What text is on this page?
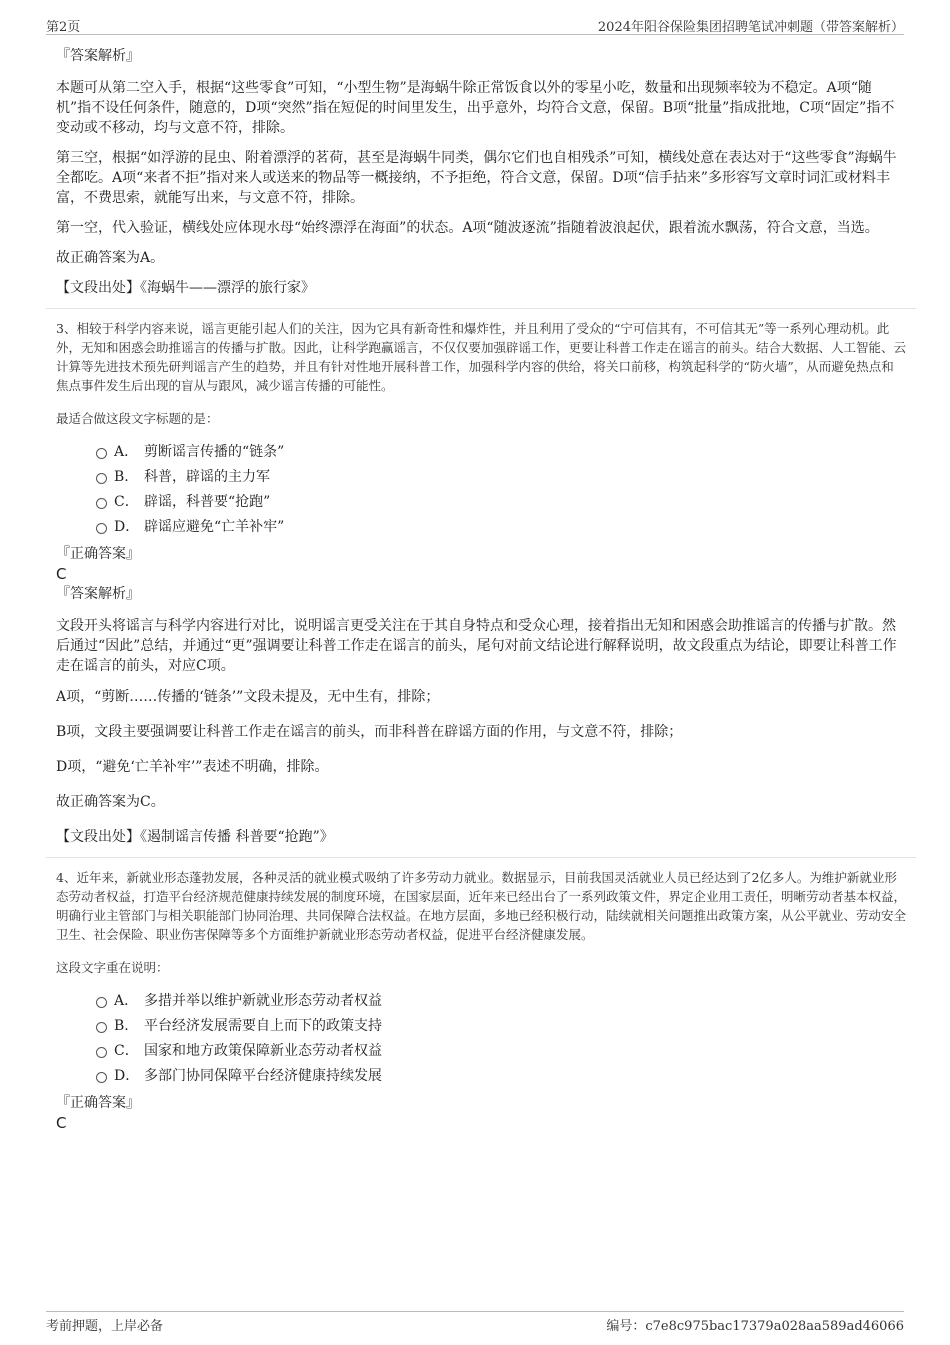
第2页	2024年阳谷保险集团招聘笔试冲刺题（带答案解析）

『答案解析』

本题可从第二空入手，根据“这些零食”可知，“小型生物”是海蜗牛除正常饭食以外的零星小吃，数量和出现频率较为不稳定。A项“随机”指不设任何条件，随意的，D项“突然”指在短促的时间里发生，出乎意外，均符合文意，保留。B项“批量”指成批地，C项“固定”指不变动或不移动，均与文意不符，排除。

第三空，根据“如浮游的昆虫、附着漂浮的茗荷，甚至是海蜗牛同类，偶尔它们也自相残杀”可知，横线处意在表达对于“这些零食”海蜗牛全都吃。A项“来者不拒”指对来人或送来的物品等一概接纳，不予拒绝，符合文意，保留。D项“信手拈来”多形容写文章时词汇或材料丰富，不费思索，就能写出来，与文意不符，排除。

第一空，代入验证，横线处应体现水母“始终漂浮在海面”的状态。A项“随波逐流”指随着波浪起伏，跟着流水飘荡，符合文意，当选。

故正确答案为A。

【文段出处】《海蜗牛——漂浮的旅行家》

3、相较于科学内容来说，谣言更能引起人们的关注，因为它具有新奇性和爆炸性，并且利用了受众的“宁可信其有，不可信其无”等一系列心理动机。此外，无知和困惑会助推谣言的传播与扩散。因此，让科学跑赢谣言，不仅仅要加强辟谣工作，更要让科普工作走在谣言的前头。结合大数据、人工智能、云计算等先进技术预先研判谣言产生的趋势，并且有针对性地开展科普工作，加强科学内容的供给，将关口前移，构筑起科学的“防火墙”，从而避免热点和焦点事件发生后出现的盲从与跟风，减少谣言传播的可能性。

最适合做这段文字标题的是：

A． 剪断谣言传播的“链条”
B. 科普，辟谣的主力军
C． 辟谣，科普要“抢跑”
D． 辟谣应避免“亡羊补牢”

『正确答案』

C

『答案解析』

文段开头将谣言与科学内容进行对比，说明谣言更受关注在于其自身特点和受众心理，接着指出无知和困惑会助推谣言的传播与扩散。然后通过“因此”总结，并通过“更”强调要让科普工作走在谣言的前头，尾句对前文结论进行解释说明，故文段重点为结论，即要让科普工作走在谣言的前头，对应C项。

A项，“剪断……传播的‘链条’”文段未提及，无中生有，排除；

B项，文段主要强调要让科普工作走在谣言的前头，而非科普在辟谣方面的作用，与文意不符，排除；

D项，“避免‘亡羊补牢’”表述不明确，排除。

故正确答案为C。

【文段出处】《遏制谣言传播 科普要“抢跑”》

4、近年来，新就业形态蓬勃发展，各种灵活的就业模式吸纳了许多劳动力就业。数据显示，目前我国灵活就业人员已经达到了2亿多人。为维护新就业形态劳动者权益，打造平台经济规范健康持续发展的制度环境，在国家层面，近年来已经出台了一系列政策文件，界定企业用工责任，明晰劳动者基本权益，明确行业主管部门与相关职能部门协同治理、共同保障合法权益。在地方层面，多地已经积极行动，陆续就相关问题推出政策方案，从公平就业、劳动安全卫生、社会保险、职业伤害保障等多个方面维护新就业形态劳动者权益，促进平台经济健康发展。

这段文字重在说明：

A． 多措并举以维护新就业形态劳动者权益
B. 平台经济发展需要自上而下的政策支持
C． 国家和地方政策保障新业态劳动者权益
D． 多部门协同保障平台经济健康持续发展

『正确答案』

C

考前押题，上岸必备	编号：c7e8c975bac17379a028aa589ad46066
